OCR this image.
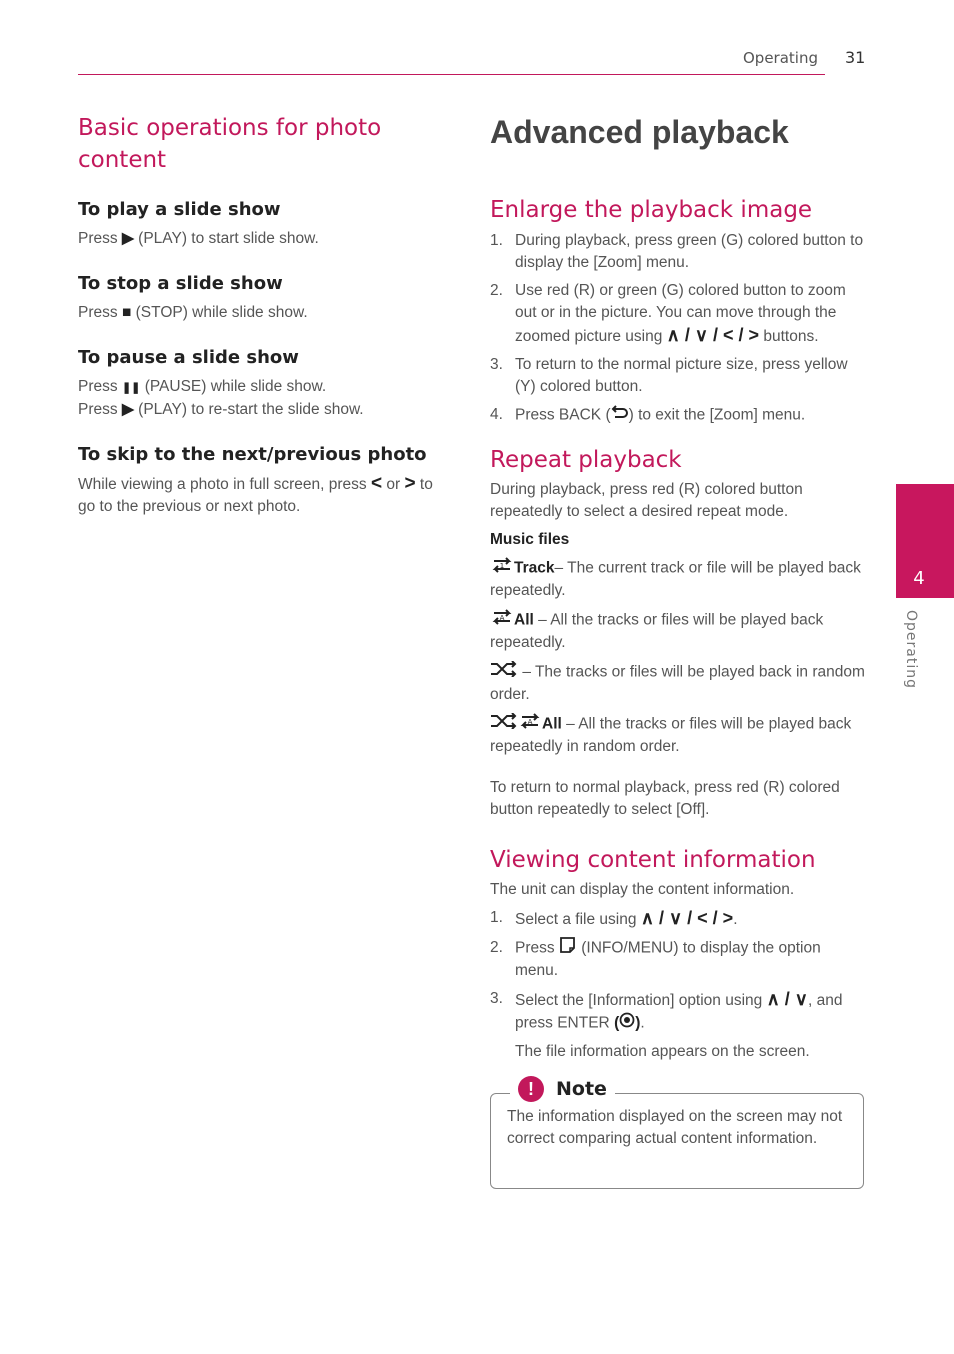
Operating 31
4
Operating
Basic operations for photo content
To play a slide show

Press ▶ (PLAY) to start slide show.

To stop a slide show

Press ■ (STOP) while slide show.

To pause a slide show

Press ❚❚ (PAUSE) while slide show.

Press ▶ (PLAY) to re-start the slide show.

To skip to the next/previous photo

While viewing a photo in full screen, press < or > to go to the previous or next photo.

Advanced playback
Enlarge the playback image
1. During playback, press green (G) colored button to display the [Zoom] menu.
2. Use red (R) or green (G) colored button to zoom out or in the picture. You can move through the zoomed picture using ∧ / ∨ / < / > buttons.
3. To return to the normal picture size, press yellow (Y) colored button.
4. Press BACK ( ) to exit the [Zoom] menu.
Repeat playback

During playback, press red (R) colored button repeatedly to select a desired repeat mode.

Music files

1 Track– The current track or file will be played back repeatedly.

A All – All the tracks or files will be played back repeatedly.

– The tracks or files will be played back in random order.

A All – All the tracks or files will be played back repeatedly in random order.

To return to normal playback, press red (R) colored button repeatedly to select [Off].

Viewing content information

The unit can display the content information.

1. Select a file using ∧ / ∨ / < / >.
2. Press (INFO/MENU) to display the option menu.
3. Select the [Information] option using ∧ / ∨, and press ENTER ( ).

The file information appears on the screen.

!	Note
The information displayed on the screen may not correct comparing actual content information.
